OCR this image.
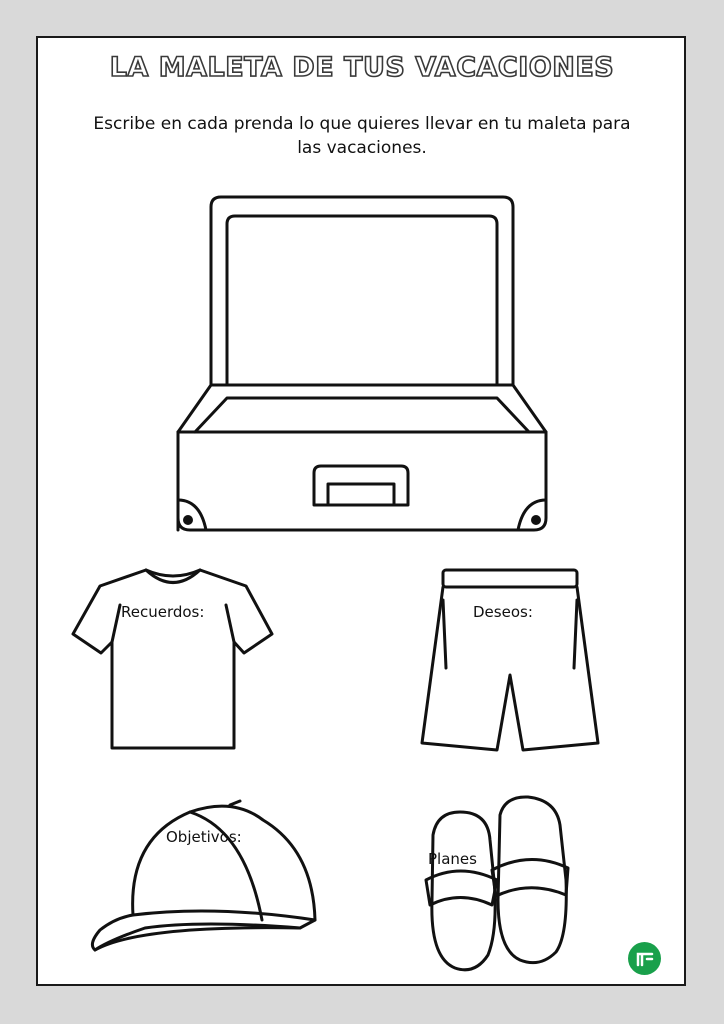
LA MALETA DE TUS VACACIONES
Escribe en cada prenda lo que quieres llevar en tu maleta para las vacaciones.
Recuerdos:	Deseos:
Objetivos:
Planes
